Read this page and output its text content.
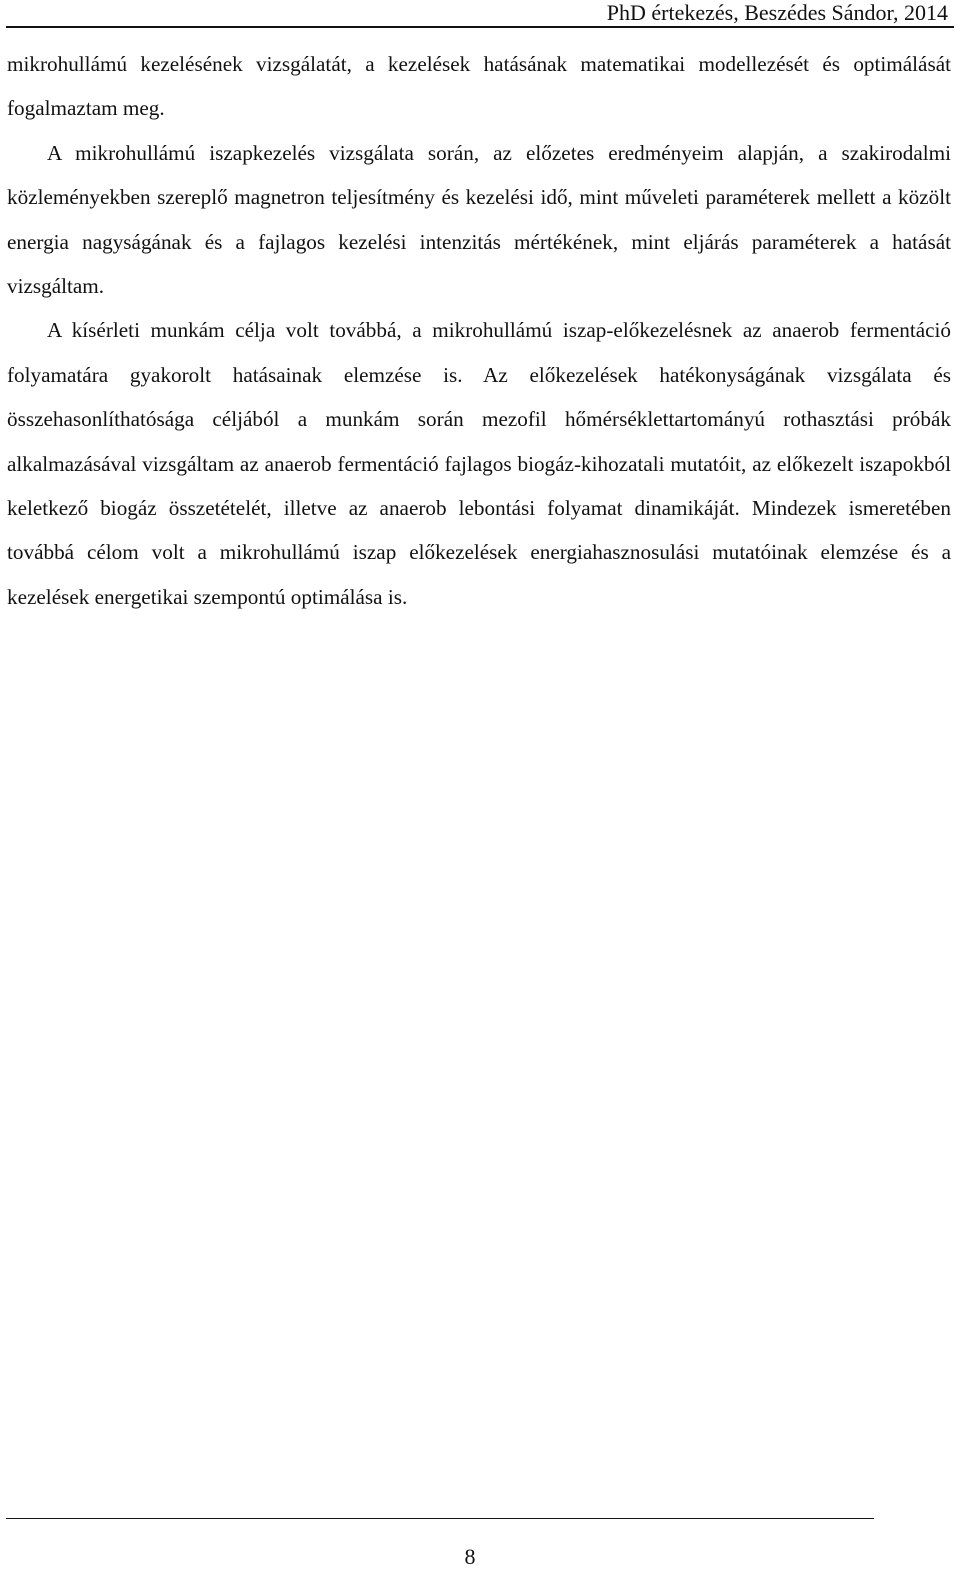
PhD értekezés, Beszédes Sándor, 2014

mikrohullámú kezelésének vizsgálatát, a kezelések hatásának matematikai modellezését és optimálását fogalmaztam meg.

A mikrohullámú iszapkezelés vizsgálata során, az előzetes eredményeim alapján, a szakirodalmi közleményekben szereplő magnetron teljesítmény és kezelési idő, mint műveleti paraméterek mellett a közölt energia nagyságának és a fajlagos kezelési intenzitás mértékének, mint eljárás paraméterek a hatását vizsgáltam.

A kísérleti munkám célja volt továbbá, a mikrohullámú iszap-előkezelésnek az anaerob fermentáció folyamatára gyakorolt hatásainak elemzése is. Az előkezelések hatékonyságának vizsgálata és összehasonlíthatósága céljából a munkám során mezofil hőmérséklettartományú rothasztási próbák alkalmazásával vizsgáltam az anaerob fermentáció fajlagos biogáz-kihozatali mutatóit, az előkezelt iszapokból keletkező biogáz összetételét, illetve az anaerob lebontási folyamat dinamikáját. Mindezek ismeretében továbbá célom volt a mikrohullámú iszap előkezelések energiahasznosulási mutatóinak elemzése és a kezelések energetikai szempontú optimálása is.

8
